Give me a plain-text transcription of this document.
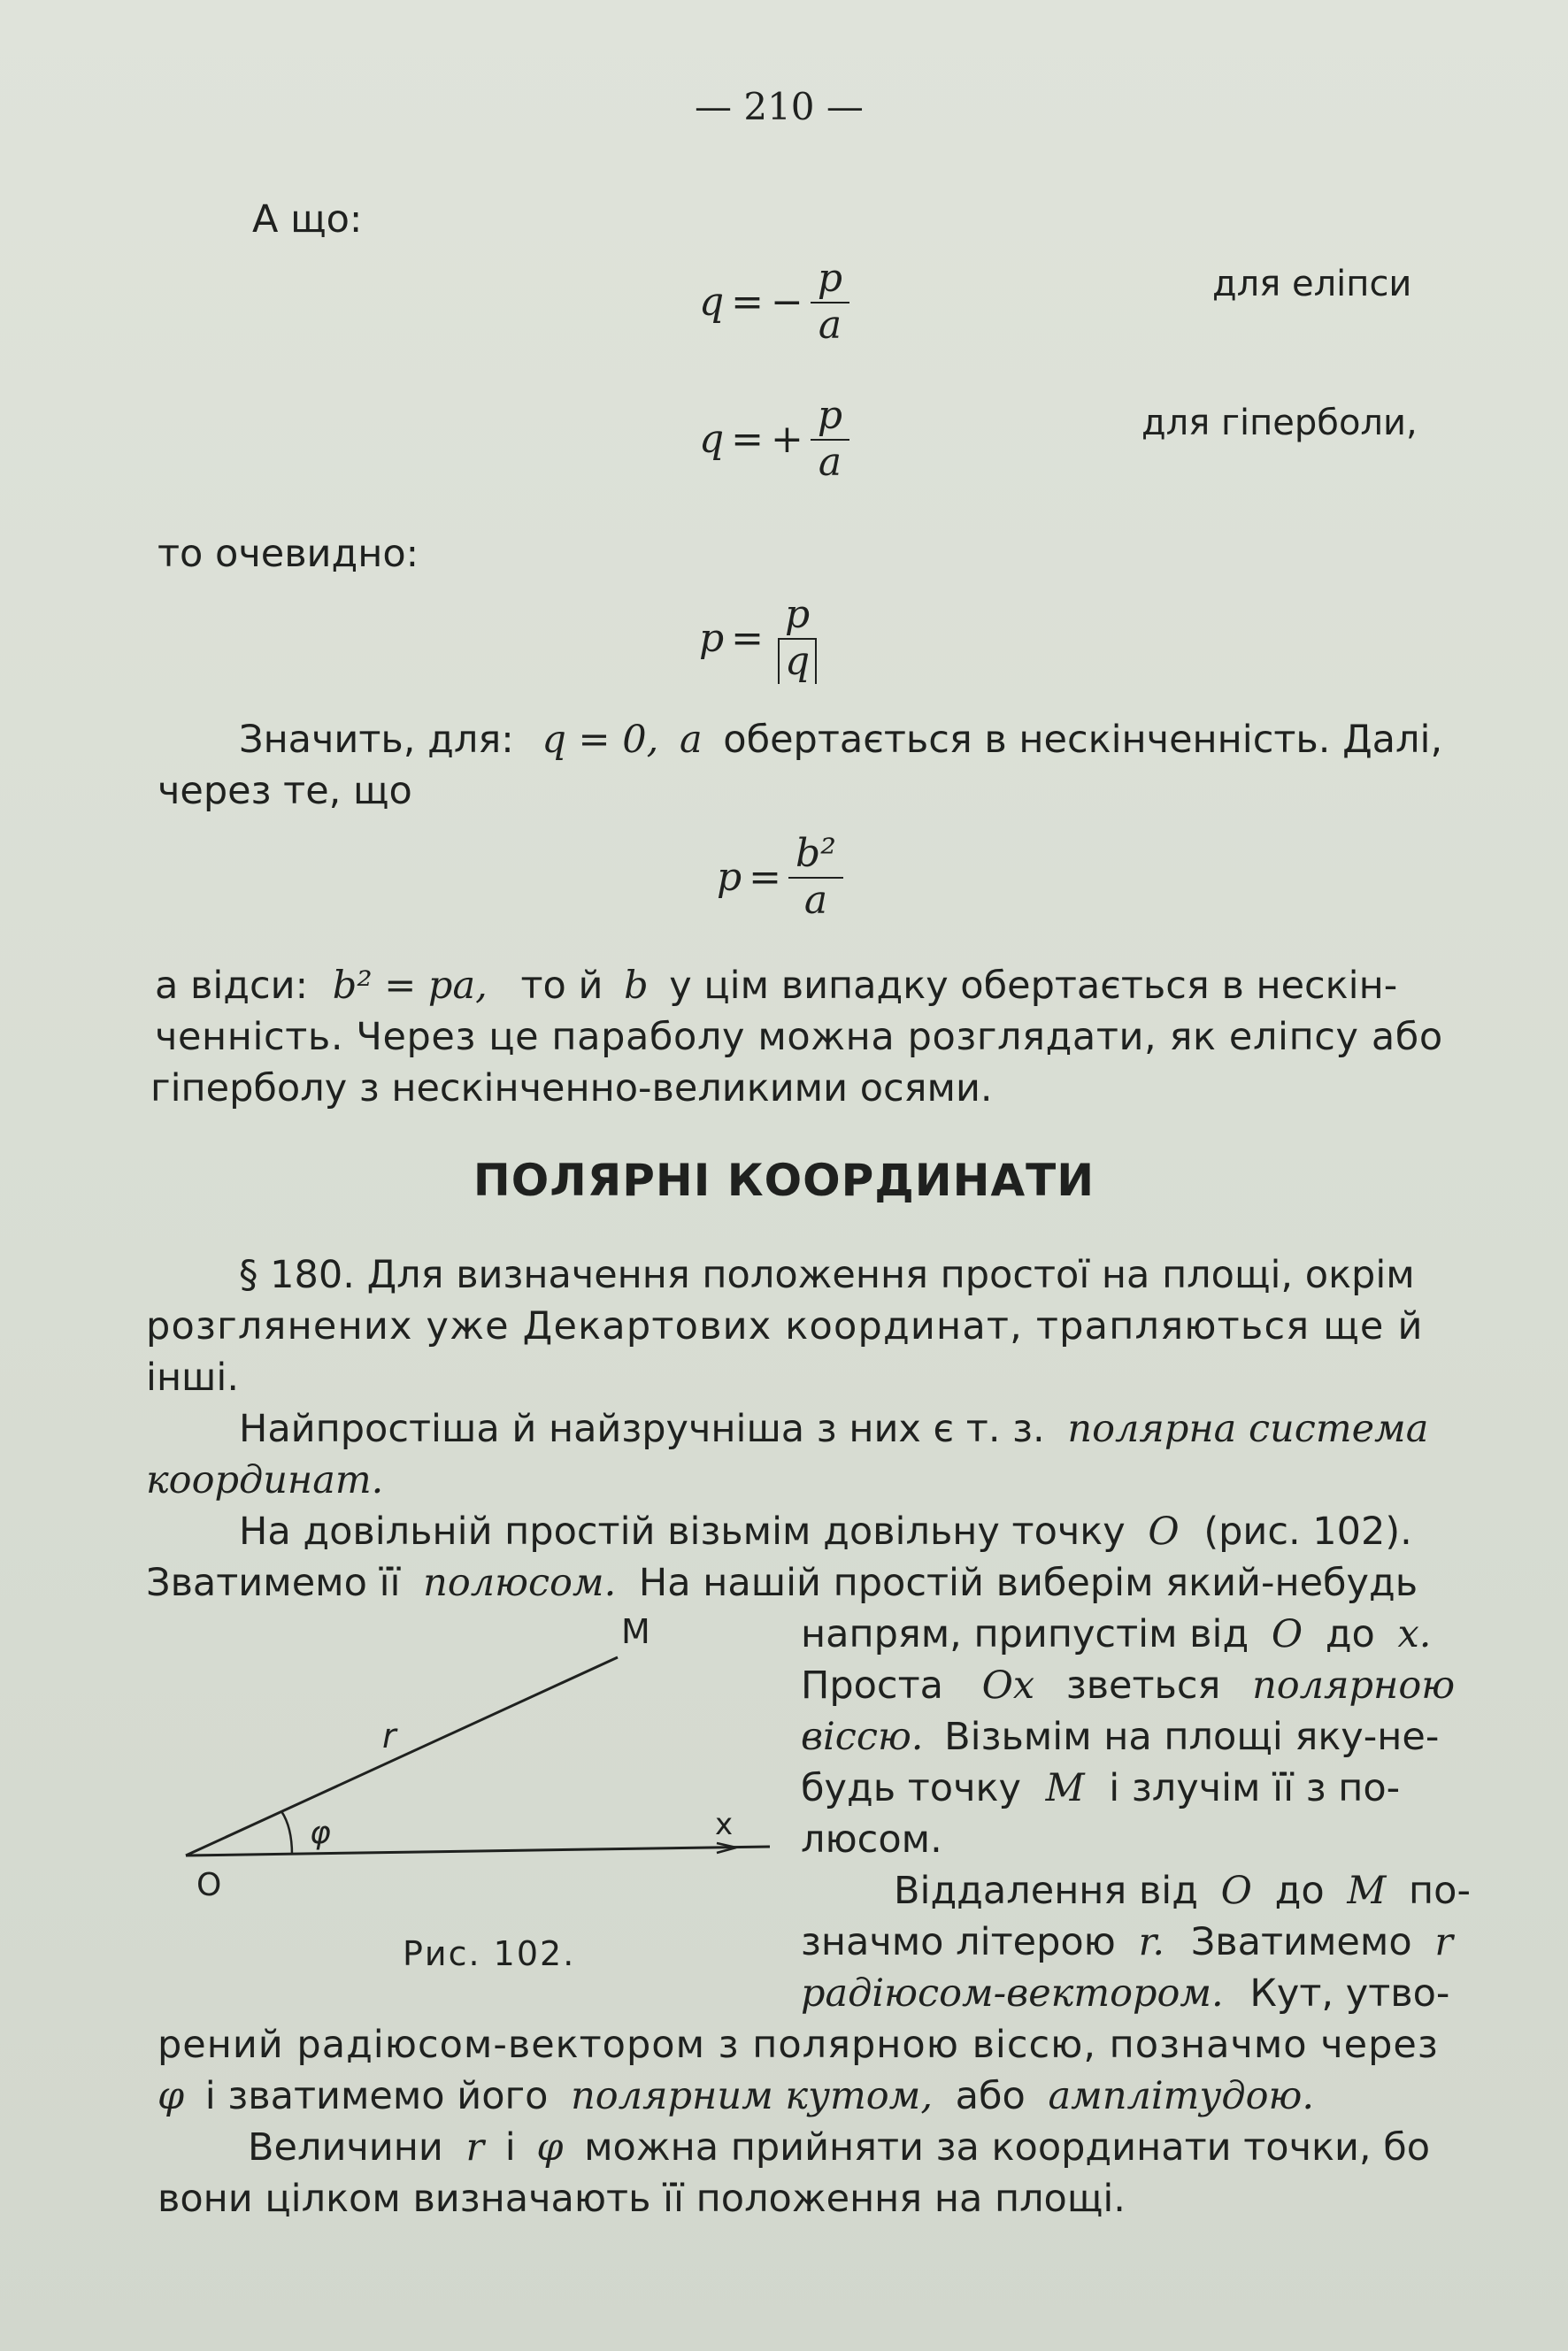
— 210 —
А що:
q = − $\frac{p}{a}$	для еліпси
q = + $\frac{p}{a}$	для гіперболи,
то очевидно:
$p = \frac{p}{q}$
Значить, для: q = 0, a обертається в нескінченність. Далі,
через те, що
$p = \frac{\text{b²}}{a}$
а відси: b² = pa, то й b у цім випадку обертається в нескін-
ченність. Через це параболу можна розглядати, як еліпсу або
гіперболу з нескінченно-великими осями.
ПОЛЯРНІ КООРДИНАТИ
§ 180. Для визначення положення простої на площі, окрім
розглянених уже Декартових координат, трапляються ще й
інші.
Найпростіша й найзручніша з них є т. з. полярна система
координат.
На довільній простій візьмім довільну точку O (рис. 102).
Зватимемо її полюсом. На нашій простій виберім який-небудь
напрям, припустім від O до x.
Проста Ox зветься полярною
віссю. Візьмім на площі яку-не-
будь точку M і злучім її з по-
люсом.
Віддалення від O до M по-
значмо літерою r. Зватимемо r
радіюсом-вектором. Кут, утво-
M
r
φ	x
O
Рис. 102.
рений радіюсом-вектором з полярною віссю, позначмо через
φ і зватимемо його полярним кутом, або амплітудою.
Величини r і φ можна прийняти за координати точки, бо
вони цілком визначають її положення на площі.
